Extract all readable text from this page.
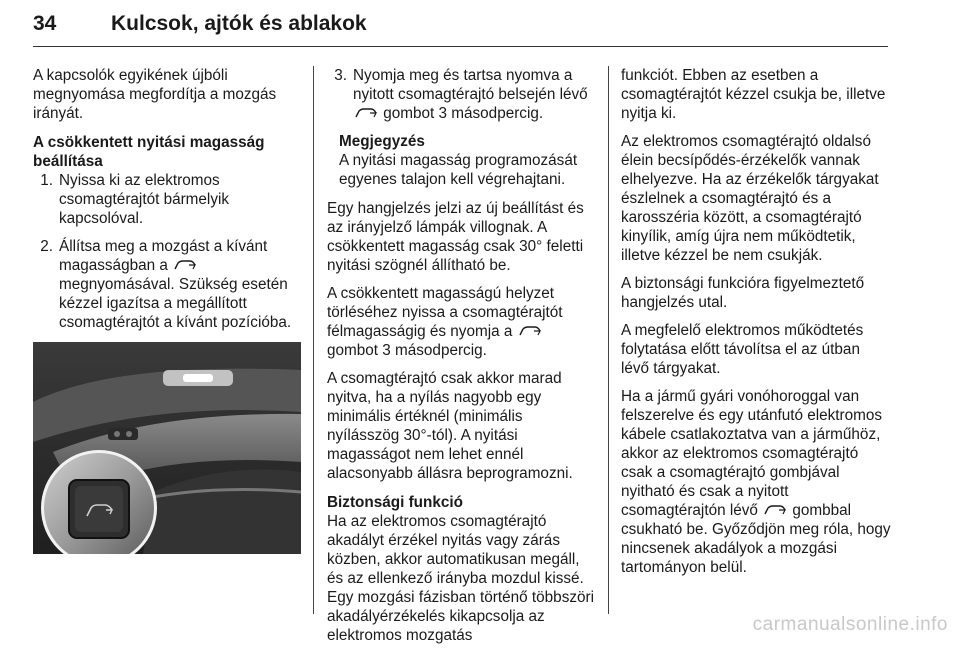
34	Kulcsok, ajtók és ablakok

A kapcsolók egyikének újbóli megnyomása megfordítja a mozgás irányát.

A csökkentett nyitási magasság beállítása

1. Nyissa ki az elektromos csomagtérajtót bármelyik kapcsolóval.
2. Állítsa meg a mozgást a kívánt magasságban a  megnyomásával. Szükség esetén kézzel igazítsa a megállított csomagtérajtót a kívánt pozícióba.
3. Nyomja meg és tartsa nyomva a nyitott csomagtérajtó belsején lévő  gombot 3 másodpercig.
Megjegyzés
A nyitási magasság programozását egyenes talajon kell végrehajtani.

Egy hangjelzés jelzi az új beállítást és az irányjelző lámpák villognak. A csökkentett magasság csak 30° feletti nyitási szögnél állítható be.

A csökkentett magasságú helyzet törléséhez nyissa a csomagtérajtót félmagasságig és nyomja a  gombot 3 másodpercig.

A csomagtérajtó csak akkor marad nyitva, ha a nyílás nagyobb egy minimális értéknél (minimális nyílásszög 30°-tól). A nyitási magasságot nem lehet ennél alacsonyabb állásra beprogramozni.

Biztonsági funkció

Ha az elektromos csomagtérajtó akadályt érzékel nyitás vagy zárás közben, akkor automatikusan megáll, és az ellenkező irányba mozdul kissé. Egy mozgási fázisban történő többszöri akadályérzékelés kikapcsolja az elektromos mozgatás

funkciót. Ebben az esetben a csomagtérajtót kézzel csukja be, illetve nyitja ki.

Az elektromos csomagtérajtó oldalsó élein becsípődés-érzékelők vannak elhelyezve. Ha az érzékelők tárgyakat észlelnek a csomagtérajtó és a karosszéria között, a csomagtérajtó kinyílik, amíg újra nem működtetik, illetve kézzel be nem csukják.

A biztonsági funkcióra figyelmeztető hangjelzés utal.

A megfelelő elektromos működtetés folytatása előtt távolítsa el az útban lévő tárgyakat.

Ha a jármű gyári vonóhoroggal van felszerelve és egy utánfutó elektromos kábele csatlakoztatva van a járműhöz, akkor az elektromos csomagtérajtó csak a csomagtérajtó gombjával nyitható és csak a nyitott csomagtérajtón lévő gombbal csukható be. Győződjön meg róla, hogy nincsenek akadályok a mozgási tartományon belül.

carmanualsonline.info
